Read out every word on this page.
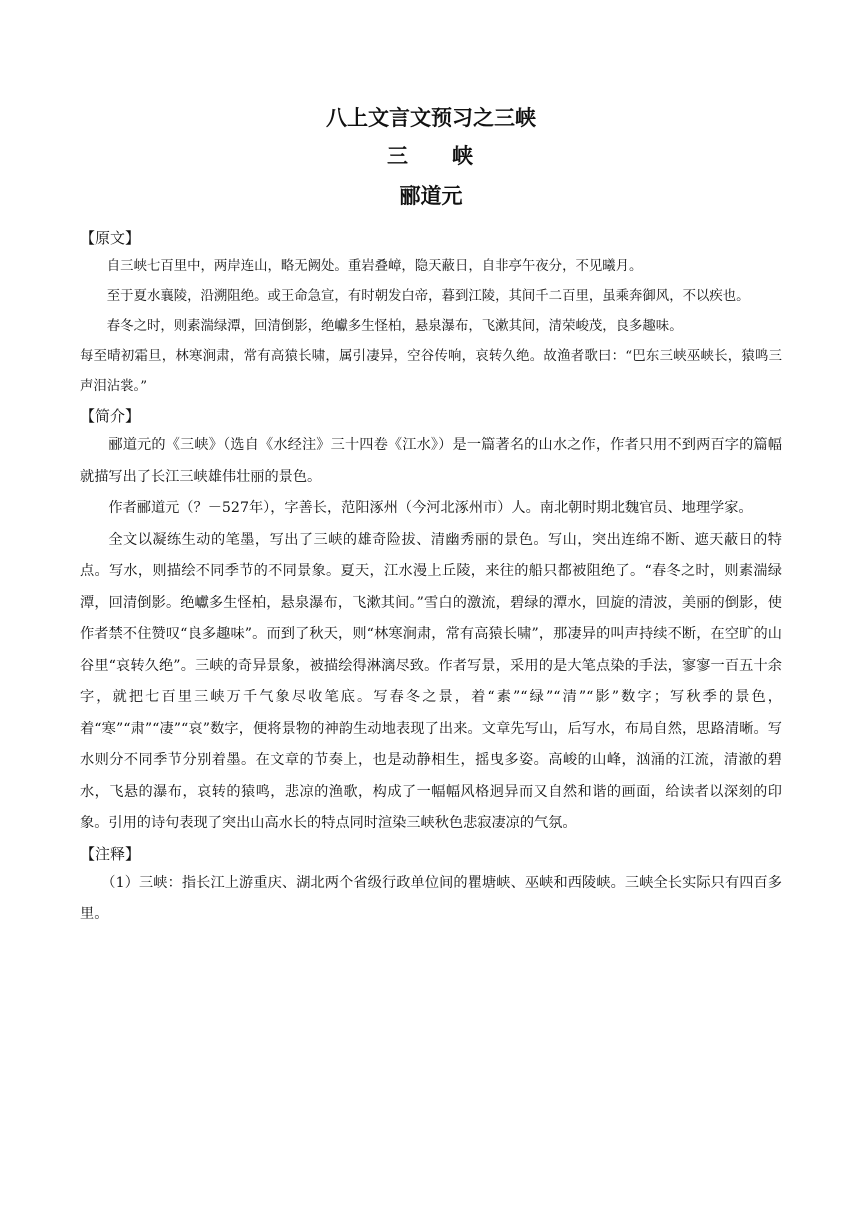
八上文言文预习之三峡
三 峡
郦道元
【原文】

自三峡七百里中，两岸连山，略无阙处。重岩叠嶂，隐天蔽日，自非亭午夜分，不见曦月。

至于夏水襄陵，沿溯阻绝。或王命急宣，有时朝发白帝，暮到江陵，其间千二百里，虽乘奔御风，不以疾也。

春冬之时，则素湍绿潭，回清倒影，绝巘多生怪柏，悬泉瀑布，飞漱其间，清荣峻茂，良多趣味。

每至晴初霜旦，林寒涧肃，常有高猿长啸，属引凄异，空谷传响，哀转久绝。故渔者歌曰：“巴东三峡巫峡长，猿鸣三声泪沾裳。”

【简介】

郦道元的《三峡》（选自《水经注》三十四卷《江水》）是一篇著名的山水之作，作者只用不到两百字的篇幅就描写出了长江三峡雄伟壮丽的景色。

作者郦道元（？－527年），字善长，范阳涿州（今河北涿州市）人。南北朝时期北魏官员、地理学家。

全文以凝练生动的笔墨，写出了三峡的雄奇险拔、清幽秀丽的景色。写山，突出连绵不断、遮天蔽日的特点。写水，则描绘不同季节的不同景象。夏天，江水漫上丘陵，来往的船只都被阻绝了。“春冬之时，则素湍绿潭，回清倒影。绝巘多生怪柏，悬泉瀑布，飞漱其间。”雪白的激流，碧绿的潭水，回旋的清波，美丽的倒影，使作者禁不住赞叹“良多趣味”。而到了秋天，则“林寒涧肃，常有高猿长啸”，那凄异的叫声持续不断，在空旷的山谷里“哀转久绝”。三峡的奇异景象，被描绘得淋漓尽致。作者写景，采用的是大笔点染的手法，寥寥一百五十余字，就把七百里三峡万千气象尽收笔底。写春冬之景，着“素”“绿”“清”“影”数字；写秋季的景色，着“寒”“肃”“凄”“哀”数字，便将景物的神韵生动地表现了出来。文章先写山，后写水，布局自然，思路清晰。写水则分不同季节分别着墨。在文章的节奏上，也是动静相生，摇曳多姿。高峻的山峰，汹涌的江流，清澈的碧水，飞悬的瀑布，哀转的猿鸣，悲凉的渔歌，构成了一幅幅风格迥异而又自然和谐的画面，给读者以深刻的印象。引用的诗句表现了突出山高水长的特点同时渲染三峡秋色悲寂凄凉的气氛。

【注释】

（1）三峡：指长江上游重庆、湖北两个省级行政单位间的瞿塘峡、巫峡和西陵峡。三峡全长实际只有四百多里。
